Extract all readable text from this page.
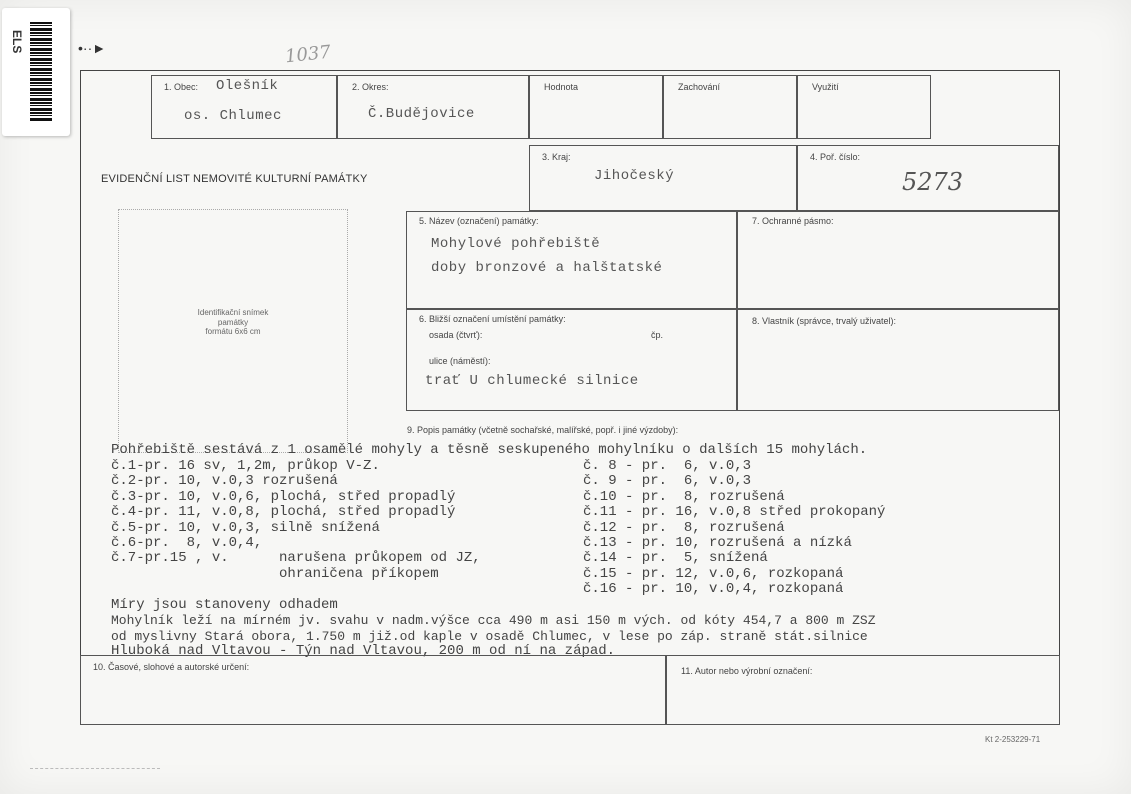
ELS	•··►	1037
1. Obec: Olešník
os. Chlumec
2. Okres:
Č.Budějovice
Hodnota	Zachování	Využití
EVIDENČNÍ LIST NEMOVITÉ KULTURNÍ PAMÁTKY
3. Kraj:
Jihočeský
4. Poř. číslo:
5273
Identifikační snímek
památky
formátu 6x6 cm
5. Název (označení) památky:
Mohylové pohřebiště
doby bronzové a halštatské
7. Ochranné pásmo:
6. Bližší označení umístění památky:
osada (čtvrť):	čp.
ulice (náměstí):
trať U chlumecké silnice
8. Vlastník (správce, trvalý uživatel):
9. Popis památky (včetně sochařské, malířské, popř. i jiné výzdoby):
Pohřebiště sestává z 1 osamělé mohyly a těsně seskupeného mohylníku o dalších 15 mohylách.
č.1-pr. 16 sv, 1,2m, průkop V-Z.
č.2-pr. 10, v.0,3 rozrušená
č.3-pr. 10, v.0,6, plochá, střed propadlý
č.4-pr. 11, v.0,8, plochá, střed propadlý
č.5-pr. 10, v.0,3, silně snížená
č.6-pr.  8, v.0,4,
č.7-pr.15 , v.      narušena průkopem od JZ,
ohraničena příkopem
č. 8 - pr.  6, v.0,3
č. 9 - pr.  6, v.0,3
č.10 - pr.  8, rozrušená
č.11 - pr. 16, v.0,8 střed prokopaný
č.12 - pr.  8, rozrušená
č.13 - pr. 10, rozrušená a nízká
č.14 - pr.  5, snížená
č.15 - pr. 12, v.0,6, rozkopaná
č.16 - pr. 10, v.0,4, rozkopaná
Míry jsou stanoveny odhadem
Mohylník leží na mírném jv. svahu v nadm.výšce cca 490 m asi 150 m vých. od kóty 454,7 a 800 m ZSZ
od myslivny Stará obora, 1.750 m již.od kaple v osadě Chlumec, v lese po záp. straně stát.silnice
Hluboká nad Vltavou - Týn nad Vltavou, 200 m od ní na západ.
10. Časové, slohové a autorské určení:	11. Autor nebo výrobní označení:
Kt 2-253229-71
